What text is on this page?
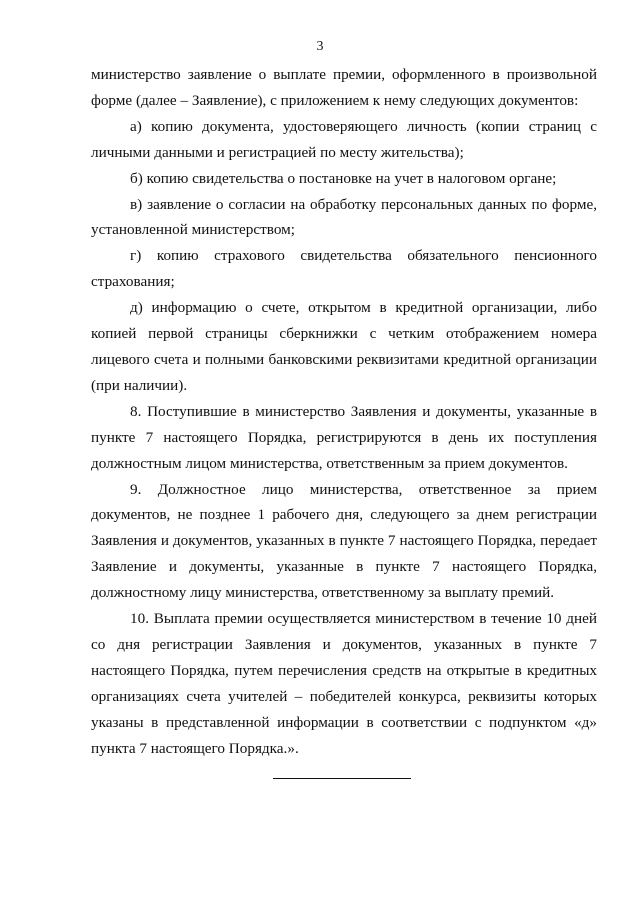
3

министерство заявление о выплате премии, оформленного в произвольной форме (далее – Заявление), с приложением к нему следующих документов:

а) копию документа, удостоверяющего личность (копии страниц с личными данными и регистрацией по месту жительства);

б) копию свидетельства о постановке на учет в налоговом органе;

в) заявление о согласии на обработку персональных данных по форме, установленной министерством;

г) копию страхового свидетельства обязательного пенсионного страхования;

д) информацию о счете, открытом в кредитной организации, либо копией первой страницы сберкнижки с четким отображением номера лицевого счета и полными банковскими реквизитами кредитной организации (при наличии).

8. Поступившие в министерство Заявления и документы, указанные в пункте 7 настоящего Порядка, регистрируются в день их поступления должностным лицом министерства, ответственным за прием документов.

9. Должностное лицо министерства, ответственное за прием документов, не позднее 1 рабочего дня, следующего за днем регистрации Заявления и документов, указанных в пункте 7 настоящего Порядка, передает Заявление и документы, указанные в пункте 7 настоящего Порядка, должностному лицу министерства, ответственному за выплату премий.

10. Выплата премии осуществляется министерством в течение 10 дней со дня регистрации Заявления и документов, указанных в пункте 7 настоящего Порядка, путем перечисления средств на открытые в кредитных организациях счета учителей – победителей конкурса, реквизиты которых указаны в представленной информации в соответствии с подпунктом «д» пункта 7 настоящего Порядка.».
